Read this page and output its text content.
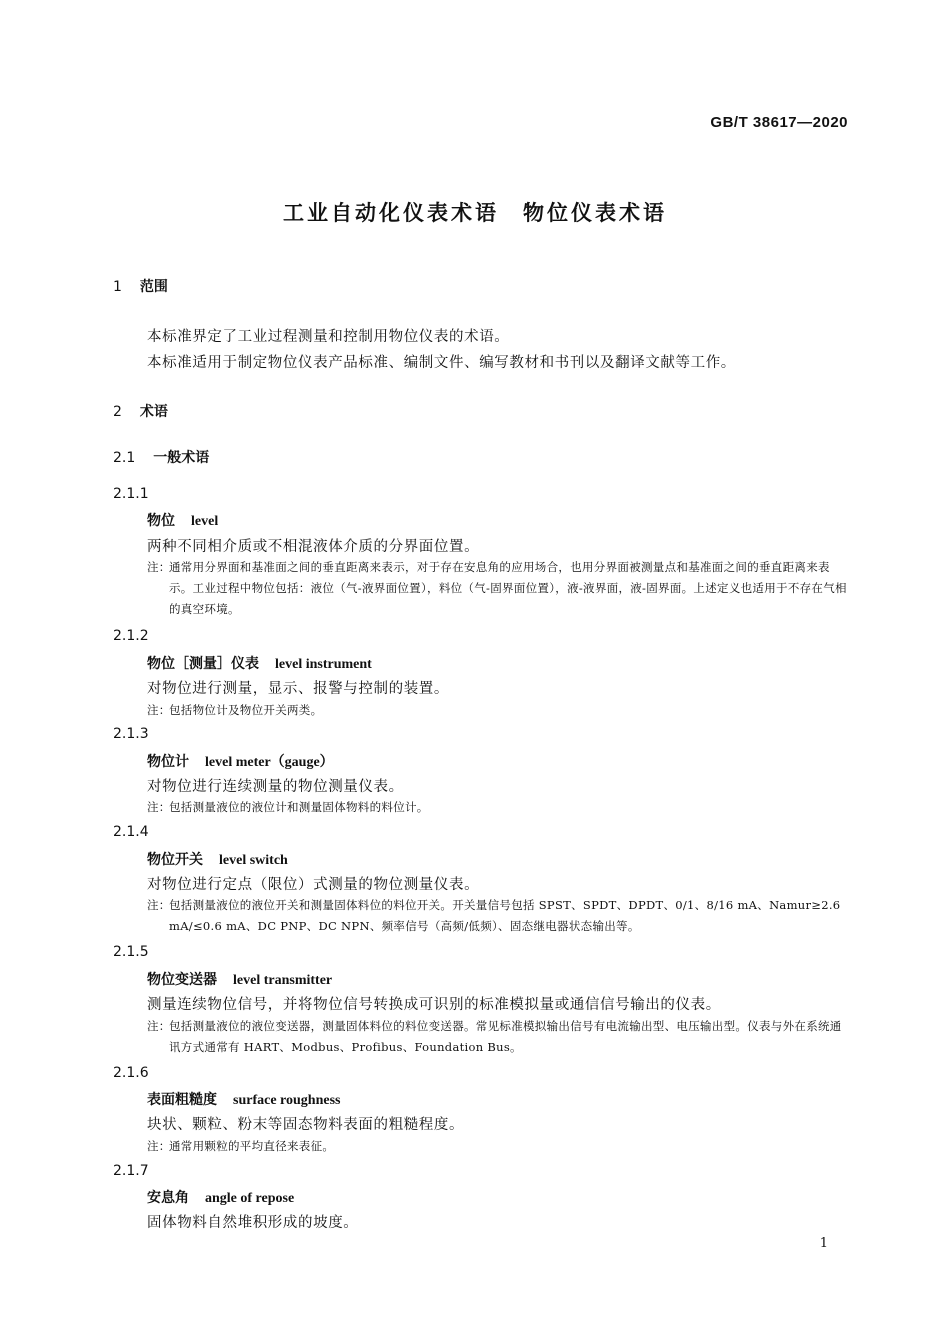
GB/T 38617—2020
工业自动化仪表术语　物位仪表术语
1 范围
本标准界定了工业过程测量和控制用物位仪表的术语。
本标准适用于制定物位仪表产品标准、编制文件、编写教材和书刊以及翻译文献等工作。
2 术语
2.1 一般术语
2.1.1
物位 level
两种不同相介质或不相混液体介质的分界面位置。
注：
通常用分界面和基准面之间的垂直距离来表示，对于存在安息角的应用场合，也用分界面被测量点和基准面之间的垂直距离来表示。工业过程中物位包括：液位（气-液界面位置），料位（气-固界面位置），液-液界面，液-固界面。上述定义也适用于不存在气相的真空环境。
2.1.2
物位［测量］仪表 level instrument
对物位进行测量，显示、报警与控制的装置。
注：
包括物位计及物位开关两类。
2.1.3
物位计 level meter（gauge）
对物位进行连续测量的物位测量仪表。
注：
包括测量液位的液位计和测量固体物料的料位计。
2.1.4
物位开关 level switch
对物位进行定点（限位）式测量的物位测量仪表。
注：
包括测量液位的液位开关和测量固体料位的料位开关。开关量信号包括 SPST、SPDT、DPDT、0/1、8/16 mA、Namur≥2.6 mA/≤0.6 mA、DC PNP、DC NPN、频率信号（高频/低频）、固态继电器状态输出等。
2.1.5
物位变送器 level transmitter
测量连续物位信号，并将物位信号转换成可识别的标准模拟量或通信信号输出的仪表。
注：
包括测量液位的液位变送器，测量固体料位的料位变送器。常见标准模拟输出信号有电流输出型、电压输出型。仪表与外在系统通讯方式通常有 HART、Modbus、Profibus、Foundation Bus。
2.1.6
表面粗糙度 surface roughness
块状、颗粒、粉末等固态物料表面的粗糙程度。
注：
通常用颗粒的平均直径来表征。
2.1.7
安息角 angle of repose
固体物料自然堆积形成的坡度。
1
